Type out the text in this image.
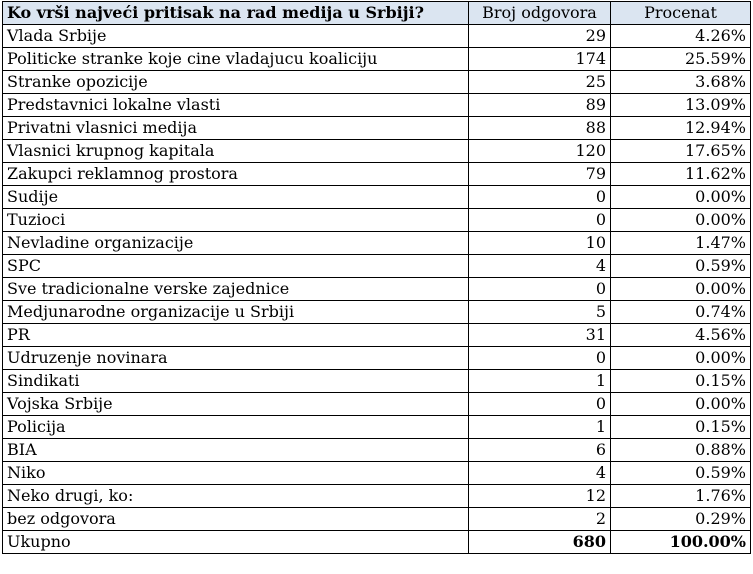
Ko vrši najveći pritisak na rad medija u Srbiji?	Broj odgovora	Procenat
Vlada Srbije	29	4.26%
Politicke stranke koje cine vladajucu koaliciju	174	25.59%
Stranke opozicije	25	3.68%
Predstavnici lokalne vlasti	89	13.09%
Privatni vlasnici medija	88	12.94%
Vlasnici krupnog kapitala	120	17.65%
Zakupci reklamnog prostora	79	11.62%
Sudije	0	0.00%
Tuzioci	0	0.00%
Nevladine organizacije	10	1.47%
SPC	4	0.59%
Sve tradicionalne verske zajednice	0	0.00%
Medjunarodne organizacije u Srbiji	5	0.74%
PR	31	4.56%
Udruzenje novinara	0	0.00%
Sindikati	1	0.15%
Vojska Srbije	0	0.00%
Policija	1	0.15%
BIA	6	0.88%
Niko	4	0.59%
Neko drugi, ko:	12	1.76%
bez odgovora	2	0.29%
Ukupno	680	100.00%
